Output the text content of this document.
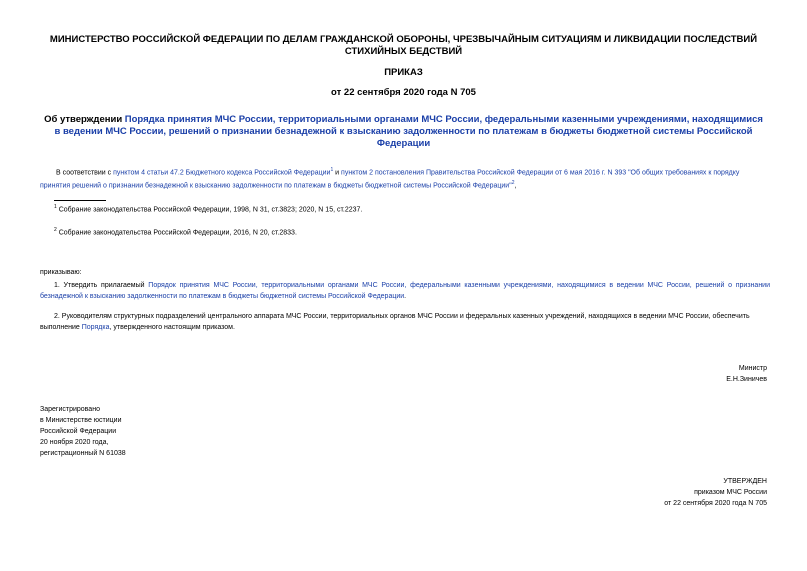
МИНИСТЕРСТВО РОССИЙСКОЙ ФЕДЕРАЦИИ ПО ДЕЛАМ ГРАЖДАНСКОЙ ОБОРОНЫ, ЧРЕЗВЫЧАЙНЫМ СИТУАЦИЯМ И ЛИКВИДАЦИИ ПОСЛЕДСТВИЙ СТИХИЙНЫХ БЕДСТВИЙ
ПРИКАЗ
от 22 сентября 2020 года N 705
Об утверждении Порядка принятия МЧС России, территориальными органами МЧС России, федеральными казенными учреждениями, находящимися в ведении МЧС России, решений о признании безнадежной к взысканию задолженности по платежам в бюджеты бюджетной системы Российской Федерации
В соответствии с пунктом 4 статьи 47.2 Бюджетного кодекса Российской Федерации$^1$ и пунктом 2 постановления Правительства Российской Федерации от 6 мая 2016 г. N 393 "Об общих требованиях к порядку принятия решений о признании безнадежной к взысканию задолженности по платежам в бюджеты бюджетной системы Российской Федерации"$^2$,
$^1$ Собрание законодательства Российской Федерации, 1998, N 31, ст.3823; 2020, N 15, ст.2237.
$^2$ Собрание законодательства Российской Федерации, 2016, N 20, ст.2833.
приказываю:
1. Утвердить прилагаемый Порядок принятия МЧС России, территориальными органами МЧС России, федеральными казенными учреждениями, находящимися в ведении МЧС России, решений о признании безнадежной к взысканию задолженности по платежам в бюджеты бюджетной системы Российской Федерации.
2. Руководителям структурных подразделений центрального аппарата МЧС России, территориальных органов МЧС России и федеральных казенных учреждений, находящихся в ведении МЧС России, обеспечить выполнение Порядка, утвержденного настоящим приказом.
Министр
Е.Н.Зиничев
Зарегистрировано
в Министерстве юстиции
Российской Федерации
20 ноября 2020 года,
регистрационный N 61038
УТВЕРЖДЕН
приказом МЧС России
от 22 сентября 2020 года N 705
